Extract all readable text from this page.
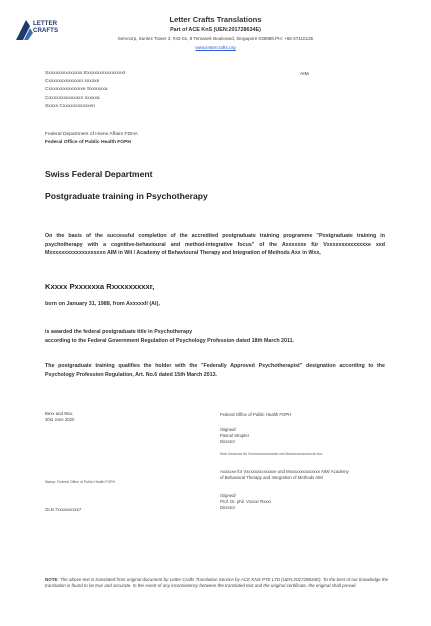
LETTER
CRAFTS
Letter Crafts Translations
Part of ACE KnS (UEN:201728634E)
Servcorp, Suntec Tower 3, #42-01, 8 Temasek Boulevard, Singapore 038988.PH: +65 67110135
www.lettercrafts.org
Sxxxxxxxxxxxxxx Exxxxxxxxxxxxxxxt
Cxxxxxxxxxxxxxn sxxxxe
Cxxxxxxxxxxxxxxe Sxxxxxxa
Coxxxxxxxxxxxxn sxxxxa
Sxxxs Cxxxxxxxxxxxxn
AIM
Federal Department of Home Affairs FDHA
Federal Office of Public Health FOPH
Swiss Federal Department
Postgraduate training in Psychotherapy
On the basis of the successful completion of the accredited postgraduate training programme "Postgraduate training in psychotherapy with a cognitive-behavioural and method-integrative focus" of the Axxxxxxe für Vxxxxxxxxxxxxxxe xxd Mxxxxxxxxxxxxxxxxxxn AIM in Wil / Academy of Behavioural Therapy and Integration of Methods Axx in Wxx,
Kxxxx Pxxxxxxa Rxxxxxxxxxr,
born on January 31, 1988, from Axxxxxll (Al),
is awarded the federal postgraduate title in Psychotherapy
according to the Federal Government Regulation of Psychology Profession dated 18th March 2011.
The postgraduate training qualifies the holder with the "Federally Approved Psychotherapist" designation according to the Psychology Profession Regulation, Art. No.6 dated 15th March 2013.
Bexx and Wxx
30st June 2020
Federal Office of Public Health FOPH
/Signed/
Pascal Strupler
Director
Seal: Axxxxxxe für Vxxxxxxxxxxxxxxxxe xxd Mxxxxxxxxxxxxxxxxn Axx
Axxxxxe für Vxxxxxxxxxxxxxe und Mxxxxxxxxxxxxxn AIM/ Academy
of Behavioral Therapy and Integration of Methods AIM
Stamp: Federal Office of Public Health FOPH
/Signed/
Prof. Dr. phil. Vxxxxr Rxxxr
Director
GLN 7xxxxxxxxxx7
NOTE: The above text is translated from original document by Letter Crafts Translation Service by ACE KNS PTE LTD (UEN:201728634E). To the best of our knowledge the translation is found to be true and accurate. In the event of any inconsistency between the translated text and the original certificate, the original shall prevail.
